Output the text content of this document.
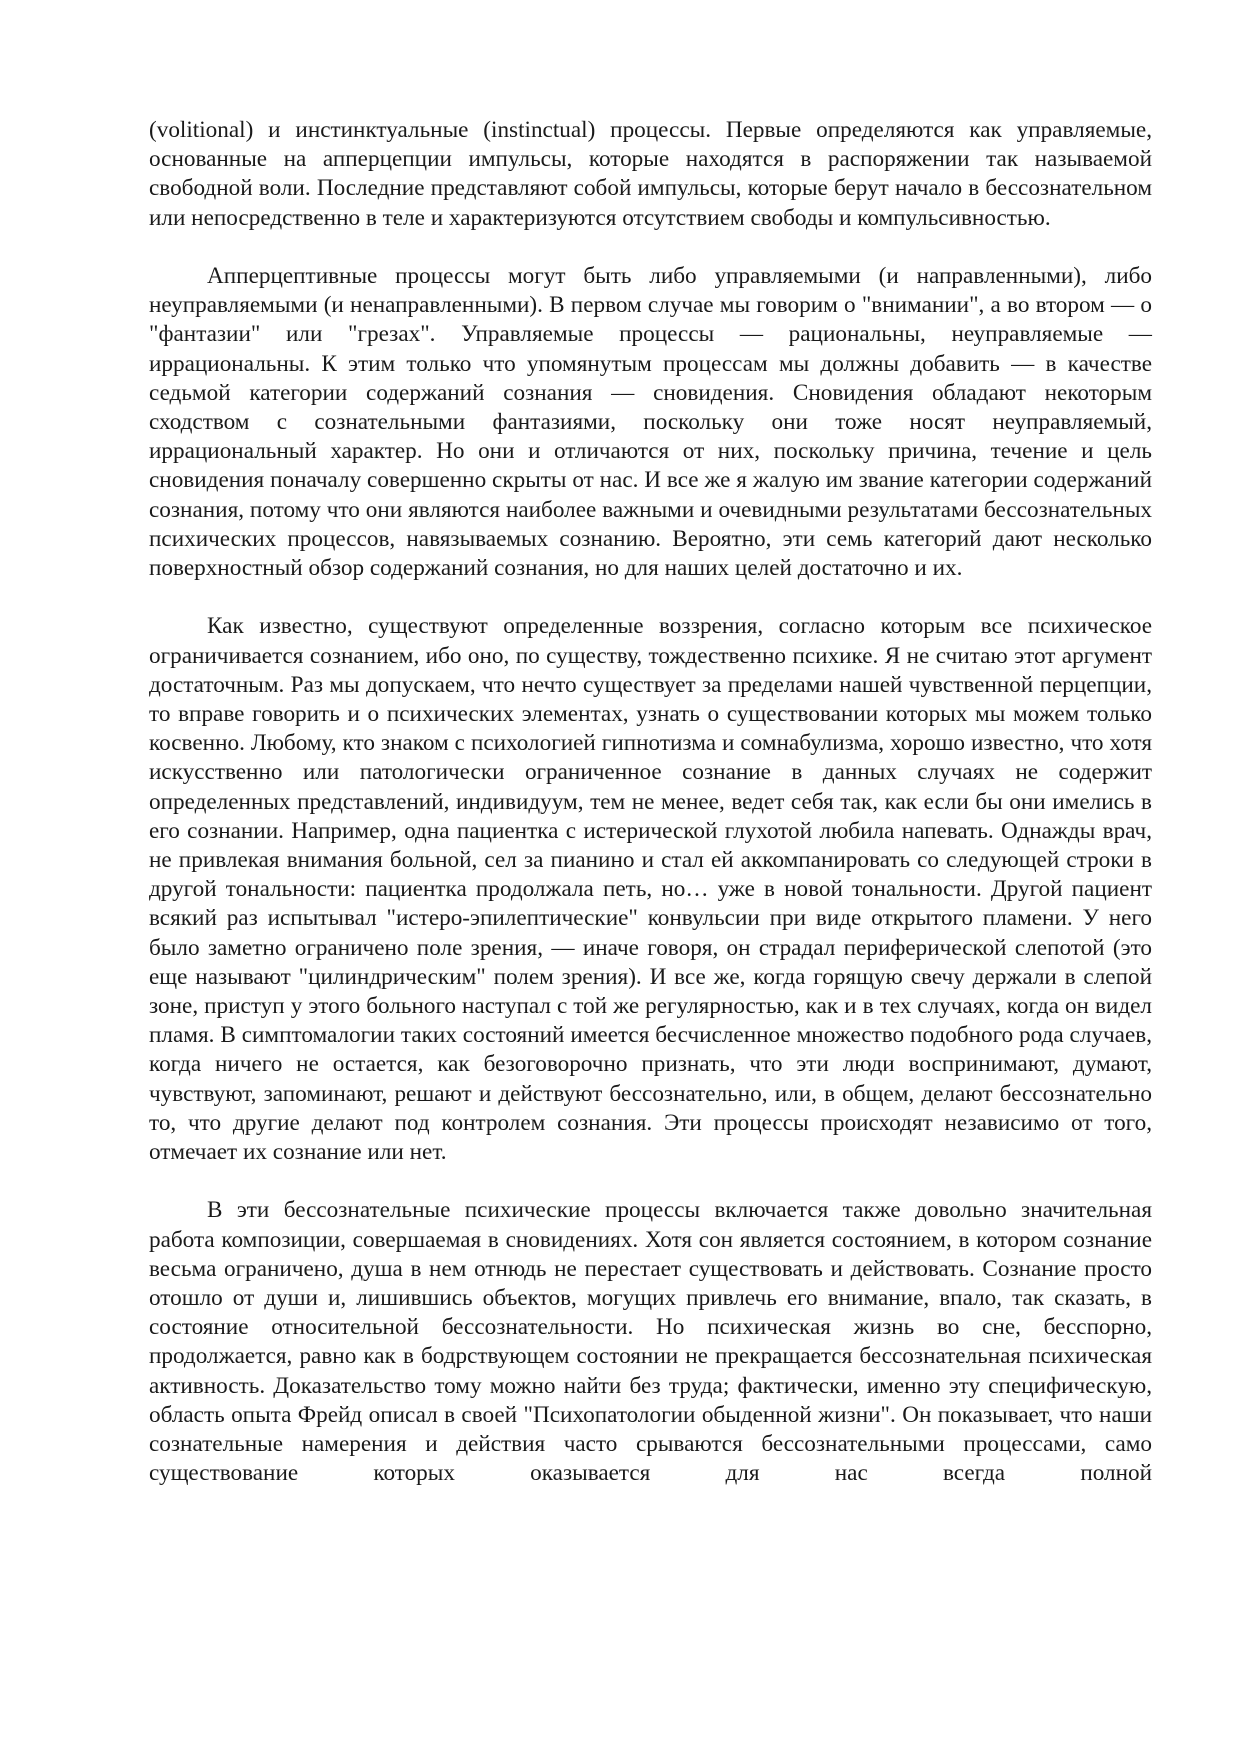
(volitional) и инстинктуальные (instinctual) процессы. Первые определяются как управляемые, основанные на апперцепции импульсы, которые находятся в распоряжении так называемой свободной воли. Последние представляют собой импульсы, которые берут начало в бессознательном или непосредственно в теле и характеризуются отсутствием свободы и компульсивностью.

Апперцептивные процессы могут быть либо управляемыми (и направленными), либо неуправляемыми (и ненаправленными). В первом случае мы говорим о "внимании", а во втором — о "фантазии" или "грезах". Управляемые процессы — рациональны, неуправляемые — иррациональны. К этим только что упомянутым процессам мы должны добавить — в качестве седьмой категории содержаний сознания — сновидения. Сновидения обладают некоторым сходством с сознательными фантазиями, поскольку они тоже носят неуправляемый, иррациональный характер. Но они и отличаются от них, поскольку причина, течение и цель сновидения поначалу совершенно скрыты от нас. И все же я жалую им звание категории содержаний сознания, потому что они являются наиболее важными и очевидными результатами бессознательных психических процессов, навязываемых сознанию. Вероятно, эти семь категорий дают несколько поверхностный обзор содержаний сознания, но для наших целей достаточно и их.

Как известно, существуют определенные воззрения, согласно которым все психическое ограничивается сознанием, ибо оно, по существу, тождественно психике. Я не считаю этот аргумент достаточным. Раз мы допускаем, что нечто существует за пределами нашей чувственной перцепции, то вправе говорить и о психических элементах, узнать о существовании которых мы можем только косвенно. Любому, кто знаком с психологией гипнотизма и сомнабулизма, хорошо известно, что хотя искусственно или патологически ограниченное сознание в данных случаях не содержит определенных представлений, индивидуум, тем не менее, ведет себя так, как если бы они имелись в его сознании. Например, одна пациентка с истерической глухотой любила напевать. Однажды врач, не привлекая внимания больной, сел за пианино и стал ей аккомпанировать со следующей строки в другой тональности: пациентка продолжала петь, но… уже в новой тональности. Другой пациент всякий раз испытывал "истеро-эпилептические" конвульсии при виде открытого пламени. У него было заметно ограничено поле зрения, — иначе говоря, он страдал периферической слепотой (это еще называют "цилиндрическим" полем зрения). И все же, когда горящую свечу держали в слепой зоне, приступ у этого больного наступал с той же регулярностью, как и в тех случаях, когда он видел пламя. В симптомалогии таких состояний имеется бесчисленное множество подобного рода случаев, когда ничего не остается, как безоговорочно признать, что эти люди воспринимают, думают, чувствуют, запоминают, решают и действуют бессознательно, или, в общем, делают бессознательно то, что другие делают под контролем сознания. Эти процессы происходят независимо от того, отмечает их сознание или нет.

В эти бессознательные психические процессы включается также довольно значительная работа композиции, совершаемая в сновидениях. Хотя сон является состоянием, в котором сознание весьма ограничено, душа в нем отнюдь не перестает существовать и действовать. Сознание просто отошло от души и, лишившись объектов, могущих привлечь его внимание, впало, так сказать, в состояние относительной бессознательности. Но психическая жизнь во сне, бесспорно, продолжается, равно как в бодрствующем состоянии не прекращается бессознательная психическая активность. Доказательство тому можно найти без труда; фактически, именно эту специфическую, область опыта Фрейд описал в своей "Психопатологии обыденной жизни". Он показывает, что наши сознательные намерения и действия часто срываются бессознательными процессами, само существование которых оказывается для нас всегда полной
